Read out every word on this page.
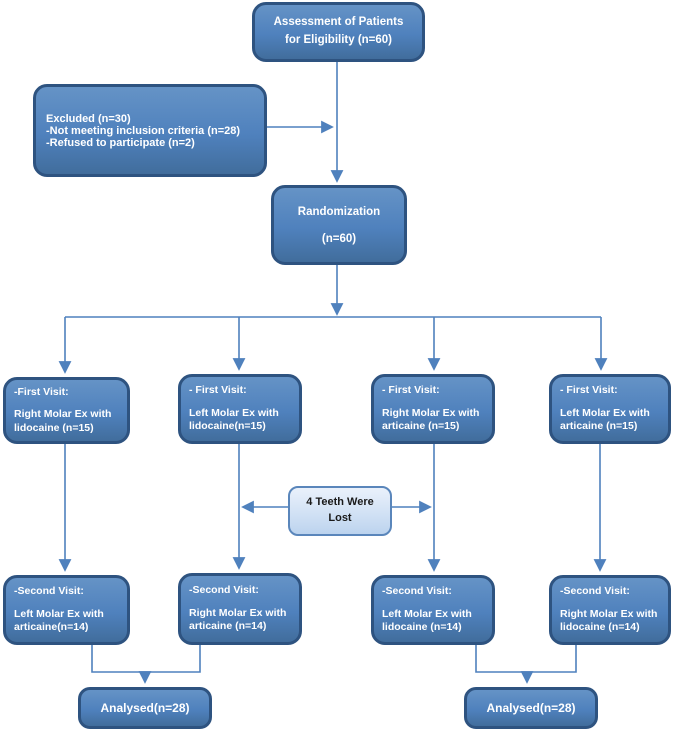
Assessment of Patients
for Eligibility (n=60)
Excluded (n=30)
-Not meeting inclusion criteria (n=28)
-Refused to participate (n=2)
Randomization
(n=60)
-First Visit:
Right Molar Ex with
lidocaine (n=15)
- First Visit:
Left Molar Ex with
lidocaine(n=15)
- First Visit:
Right Molar Ex with
articaine (n=15)
- First Visit:
Left Molar Ex with
articaine (n=15)
4 Teeth Were
Lost
-Second Visit:
Left Molar Ex with
articaine(n=14)
-Second Visit:
Right Molar Ex with
articaine (n=14)
-Second Visit:
Left Molar Ex with
lidocaine (n=14)
-Second Visit:
Right Molar Ex with
lidocaine (n=14)
Analysed(n=28)	Analysed(n=28)
